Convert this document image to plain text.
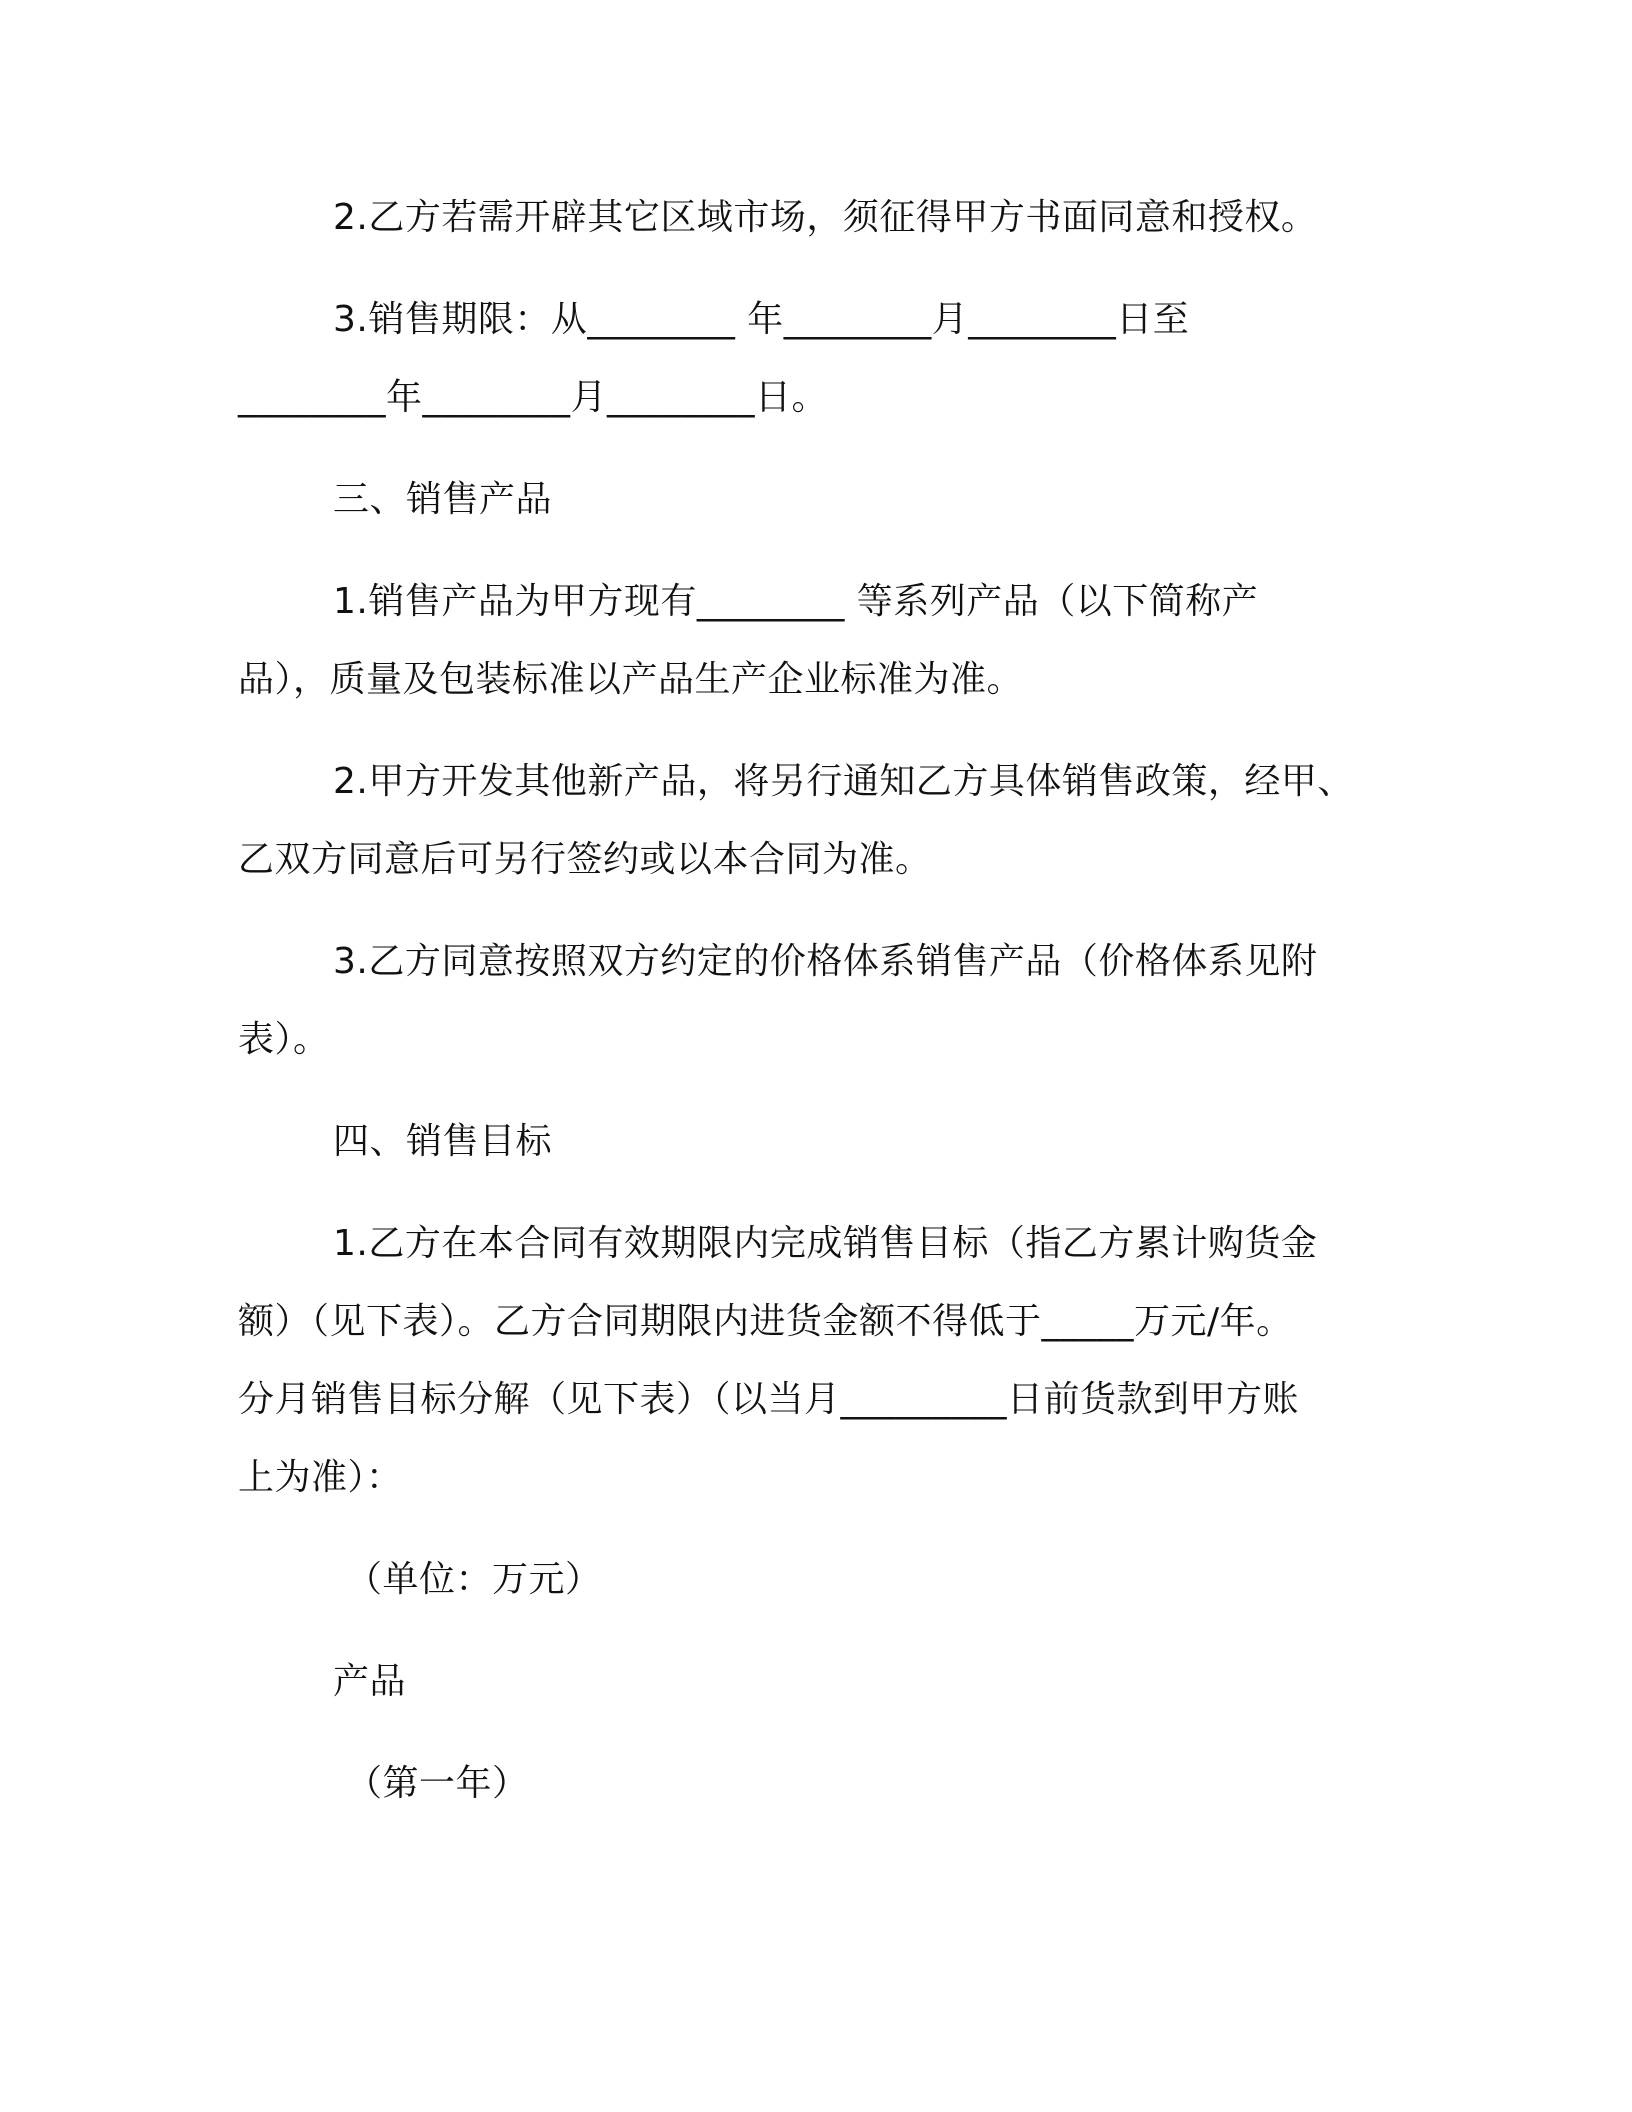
2.乙方若需开辟其它区域市场，须征得甲方书面同意和授权。
3.销售期限：从________ 年________月________日至
________年________月________日。
三、销售产品
1.销售产品为甲方现有________ 等系列产品（以下简称产
品），质量及包装标准以产品生产企业标准为准。
2.甲方开发其他新产品，将另行通知乙方具体销售政策，经甲、
乙双方同意后可另行签约或以本合同为准。
3.乙方同意按照双方约定的价格体系销售产品（价格体系见附
表）。
四、销售目标
1.乙方在本合同有效期限内完成销售目标（指乙方累计购货金
额）（见下表）。乙方合同期限内进货金额不得低于_____万元/年。
分月销售目标分解（见下表）（以当月_________日前货款到甲方账
上为准）：
（单位：万元）
产品
（第一年）
